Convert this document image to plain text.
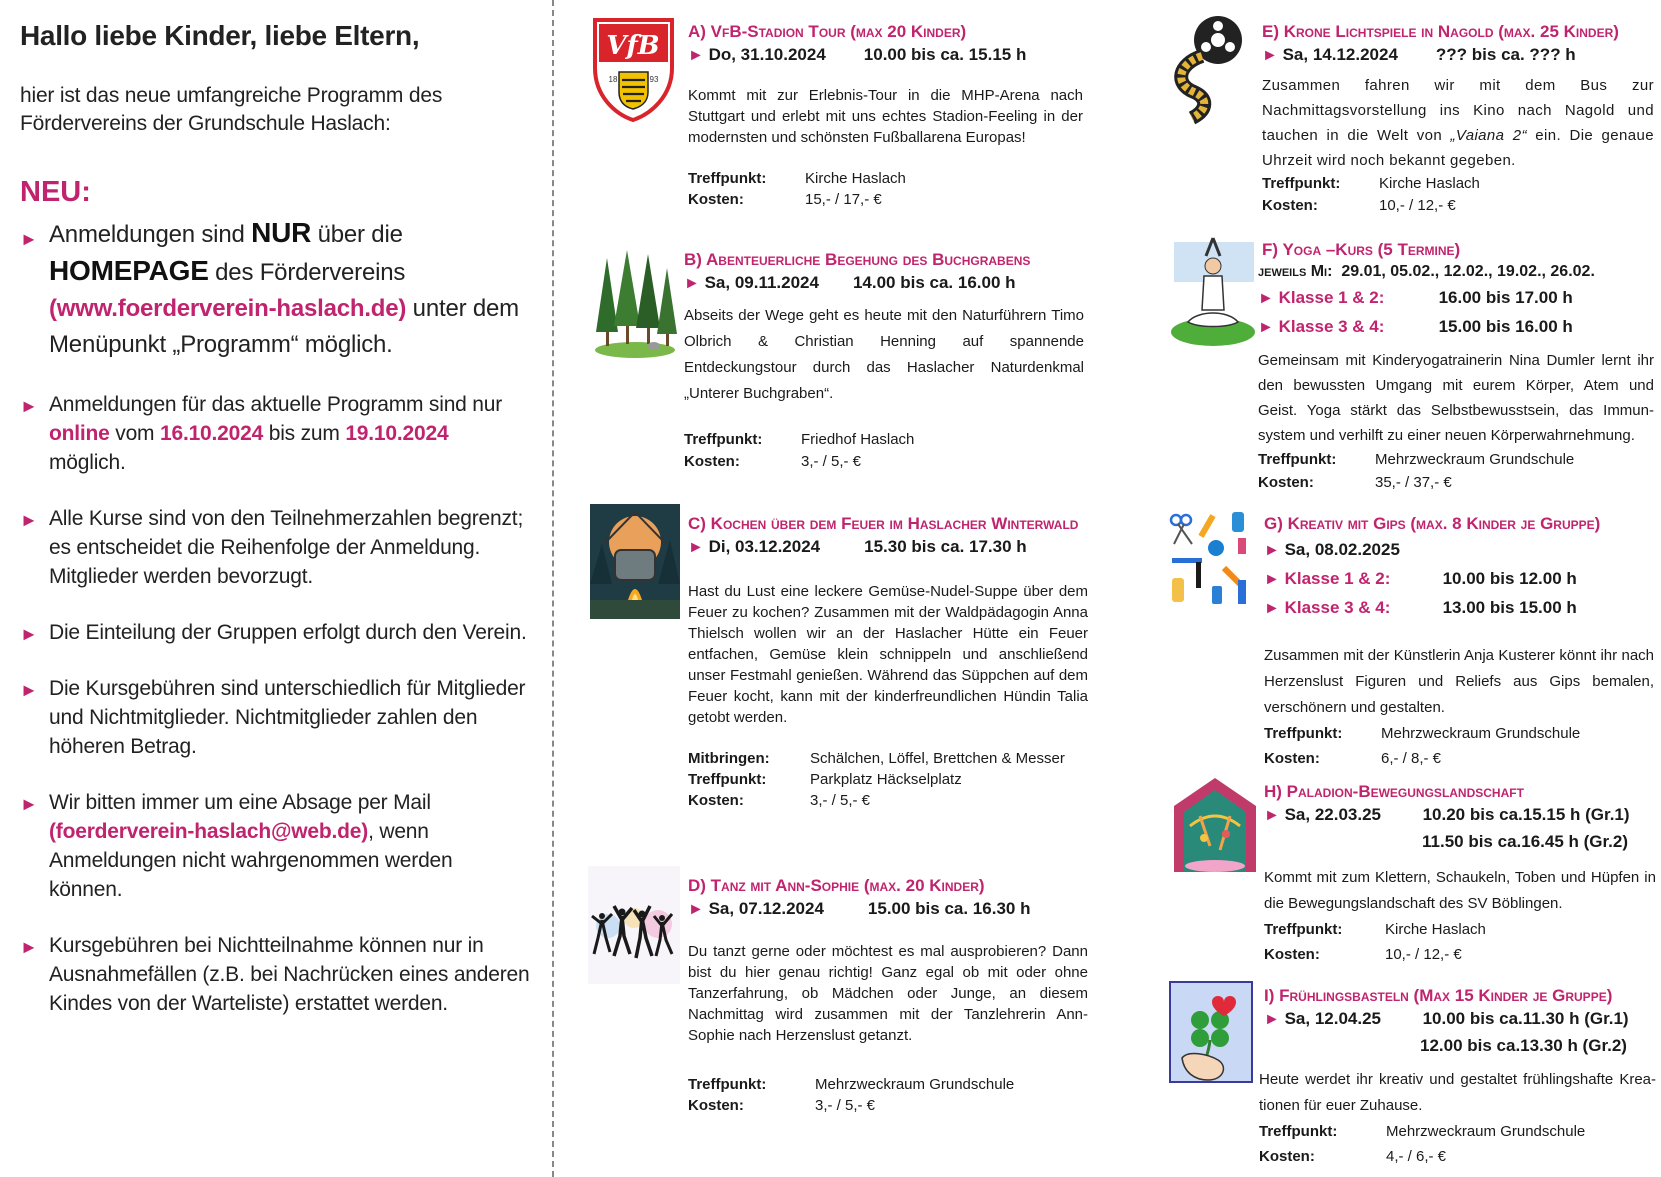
Hallo liebe Kinder, liebe Eltern,
hier ist das neue umfangreiche Programm des Fördervereins der Grundschule Haslach:
NEU:
► Anmeldungen sind NUR über die HOMEPAGE des Fördervereins (www.foerderverein-haslach.de) unter dem Menüpunkt „Programm“ möglich.
► Anmeldungen für das aktuelle Programm sind nur online vom 16.10.2024 bis zum 19.10.2024 möglich.
► Alle Kurse sind von den Teilnehmerzahlen begrenzt; es entscheidet die Reihenfolge der Anmeldung. Mitglieder werden bevorzugt.
► Die Einteilung der Gruppen erfolgt durch den Verein.
► Die Kursgebühren sind unterschiedlich für Mitglieder und Nichtmitglieder. Nichtmitglieder zahlen den höheren Betrag.
► Wir bitten immer um eine Absage per Mail (foerderverein-haslach@web.de), wenn Anmeldungen nicht wahrgenommen werden können.
► Kursgebühren bei Nichtteilnahme können nur in Ausnahmefällen (z.B. bei Nachrücken eines anderen Kindes von der Warteliste) erstattet werden.
VfB
18	93
A) VfB-Stadion Tour (max 20 Kinder)
► Do, 31.10.2024 10.00 bis ca. 15.15 h
Kommt mit zur Erlebnis-Tour in die MHP-Arena nach Stuttgart und erlebt mit uns echtes Stadion-Feeling in der modernsten und schönsten Fußballarena Europas!
Treffpunkt:	Kirche Haslach
Kosten:	15,- / 17,- €
B) Abenteuerliche Begehung des Buchgrabens
► Sa, 09.11.2024 14.00 bis ca. 16.00 h
Abseits der Wege geht es heute mit den Naturführern Timo Olbrich & Christian Henning auf spannende Entdeckungstour durch das Haslacher Naturdenkmal „Unterer Buchgraben“.
Treffpunkt:	Friedhof Haslach
Kosten:	3,- / 5,- €
C) Kochen über dem Feuer im Haslacher Winterwald
► Di, 03.12.2024	15.30 bis ca. 17.30 h
Hast du Lust eine leckere Gemüse-Nudel-Suppe über dem Feuer zu kochen? Zusammen mit der Waldpädagogin Anna Thielsch wollen wir an der Haslacher Hütte ein Feuer entfachen, Gemüse klein schnippeln und anschließend unser Festmahl genießen. Während das Süppchen auf dem Feuer kocht, kann mit der kinderfreundlichen Hündin Talia getobt werden.
Mitbringen:	Schälchen, Löffel, Brettchen & Messer
Treffpunkt:	Parkplatz Häckselplatz
Kosten:	3,- / 5,- €
D) Tanz mit Ann-Sophie (max. 20 Kinder)
► Sa, 07.12.2024	15.00 bis ca. 16.30 h
Du tanzt gerne oder möchtest es mal ausprobieren? Dann bist du hier genau richtig! Ganz egal ob mit oder ohne Tanzerfahrung, ob Mädchen oder Junge, an diesem Nachmittag wird zusammen mit der Tanzlehrerin Ann-Sophie nach Herzenslust getanzt.
Treffpunkt:	Mehrzweckraum Grundschule
Kosten:	3,- / 5,- €
E) Krone Lichtspiele in Nagold (max. 25 Kinder)
► Sa, 14.12.2024 ??? bis ca. ??? h
Zusammen fahren wir mit dem Bus zur Nachmittagsvorstellung ins Kino nach Nagold und tauchen in die Welt von „Vaiana 2“ ein. Die genaue Uhrzeit wird noch bekannt gegeben.
Treffpunkt:	Kirche Haslach
Kosten:	10,- / 12,- €
F) Yoga –Kurs (5 Termine)
jeweils Mi: 29.01, 05.02., 12.02., 19.02., 26.02.
► Klasse 1 & 2:	16.00 bis 17.00 h
► Klasse 3 & 4:	15.00 bis 16.00 h
Gemeinsam mit Kinderyogatrainerin Nina Dumler lernt ihr den bewussten Umgang mit eurem Körper, Atem und Geist. Yoga stärkt das Selbstbewusstsein, das Immun-system und verhilft zu einer neuen Körperwahrnehmung.
Treffpunkt:	Mehrzweckraum Grundschule
Kosten:	35,- / 37,- €
G) Kreativ mit Gips (max. 8 Kinder je Gruppe)
► Sa, 08.02.2025
► Klasse 1 & 2:	10.00 bis 12.00 h
► Klasse 3 & 4:	13.00 bis 15.00 h
Zusammen mit der Künstlerin Anja Kusterer könnt ihr nach Herzenslust Figuren und Reliefs aus Gips bemalen, verschönern und gestalten.
Treffpunkt:	Mehrzweckraum Grundschule
Kosten:	6,- / 8,- €
H) Paladion-Bewegungslandschaft
► Sa, 22.03.25 10.20 bis ca.15.15 h (Gr.1)
11.50 bis ca.16.45 h (Gr.2)
Kommt mit zum Klettern, Schaukeln, Toben und Hüpfen in die Bewegungslandschaft des SV Böblingen.
Treffpunkt:	Kirche Haslach
Kosten:	10,- / 12,- €
I) Frühlingsbasteln (Max 15 Kinder je Gruppe)
► Sa, 12.04.25 10.00 bis ca.11.30 h (Gr.1)
12.00 bis ca.13.30 h (Gr.2)
Heute werdet ihr kreativ und gestaltet frühlingshafte Krea-tionen für euer Zuhause.
Treffpunkt:	Mehrzweckraum Grundschule
Kosten:	4,- / 6,- €
